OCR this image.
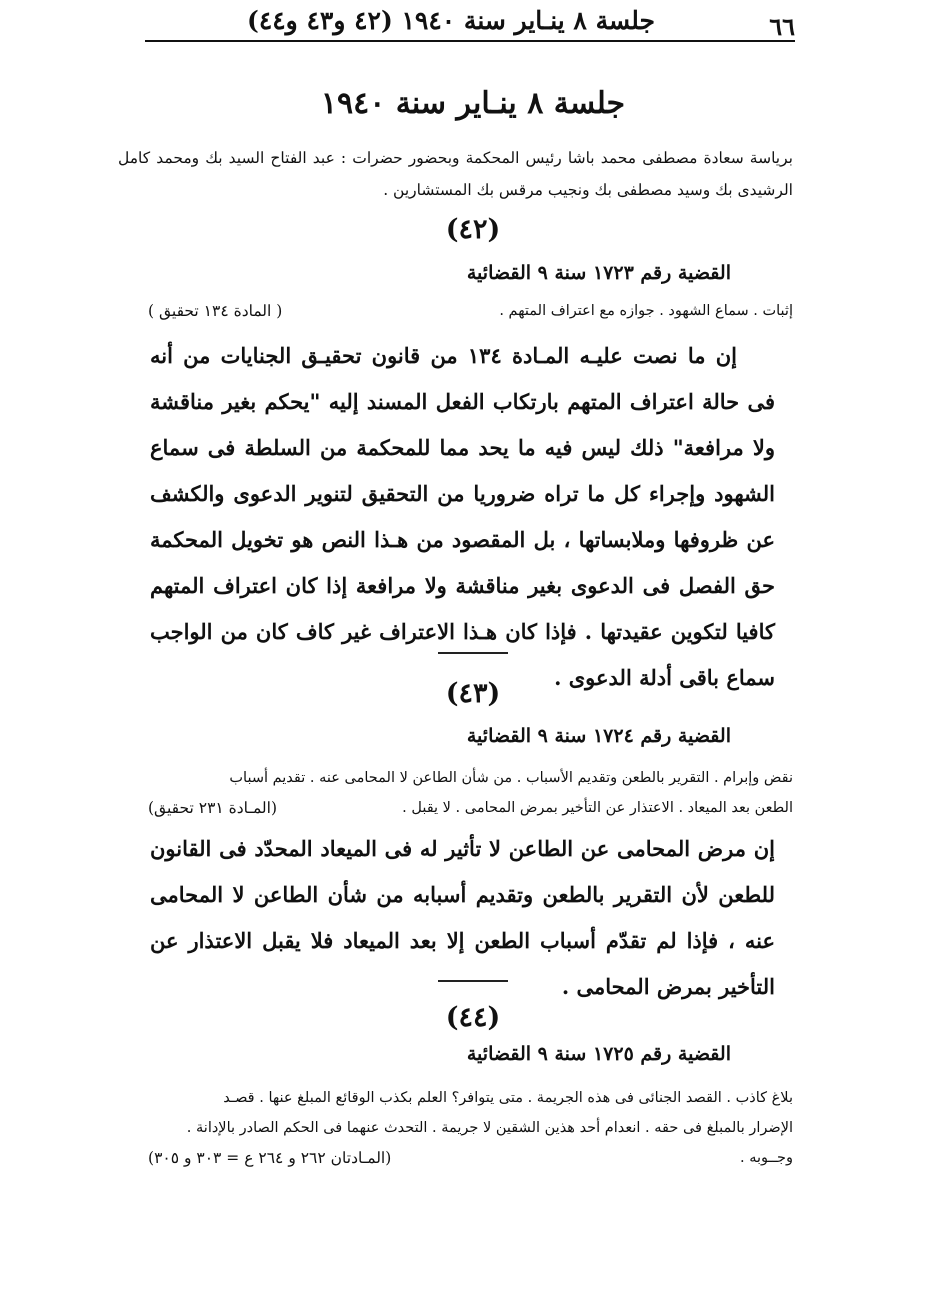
٦٦
جلسة ٨ ينـاير سنة ١٩٤٠ (٤٢ و٤٣ و٤٤)
جلسة ٨ ينـاير سنة ١٩٤٠
برياسة سعادة مصطفى محمد باشا رئيس المحكمة وبحضور حضرات : عبد الفتاح السيد بك ومحمد كامل الرشيدى بك وسيد مصطفى بك ونجيب مرقس بك المستشارين .
(٤٢)
القضية رقم ١٧٢٣ سنة ٩ القضائية
إثبات . سماع الشهود . جوازه مع اعتراف المتهم .
( المادة ١٣٤ تحقيق )
إن ما نصت عليـه المـادة ١٣٤ من قانون تحقيـق الجنايات من أنه فى حالة اعتراف المتهم بارتكاب الفعل المسند إليه "يحكم بغير مناقشة ولا مرافعة" ذلك ليس فيه ما يحد مما للمحكمة من السلطة فى سماع الشهود وإجراء كل ما تراه ضروريا من التحقيق لتنوير الدعوى والكشف عن ظروفها وملابساتها ، بل المقصود من هـذا النص هو تخويل المحكمة حق الفصل فى الدعوى بغير مناقشة ولا مرافعة إذا كان اعتراف المتهم كافيا لتكوين عقيدتها . فإذا كان هـذا الاعتراف غير كاف كان من الواجب سماع باقى أدلة الدعوى .
(٤٣)
القضية رقم ١٧٢٤ سنة ٩ القضائية
نقض وإبرام . التقرير بالطعن وتقديم الأسباب . من شأن الطاعن لا المحامى عنه . تقديم أسباب
الطعن بعد الميعاد . الاعتذار عن التأخير بمرض المحامى . لا يقبل .
(المـادة ٢٣١ تحقيق)
إن مرض المحامى عن الطاعن لا تأثير له فى الميعاد المحدّد فى القانون للطعن لأن التقرير بالطعن وتقديم أسبابه من شأن الطاعن لا المحامى عنه ، فإذا لم تقدّم أسباب الطعن إلا بعد الميعاد فلا يقبل الاعتذار عن التأخير بمرض المحامى .
(٤٤)
القضية رقم ١٧٢٥ سنة ٩ القضائية
بلاغ كاذب . القصد الجنائى فى هذه الجريمة . متى يتوافر؟ العلم بكذب الوقائع المبلغ عنها . قصـد
الإضرار بالمبلغ فى حقه . انعدام أحد هذين الشقين لا جريمة . التحدث عنهما فى الحكم الصادر بالإدانة .
وجــوبه .
(المـادتان ٢٦٢ و ٢٦٤ ع = ٣٠٣ و ٣٠٥)
